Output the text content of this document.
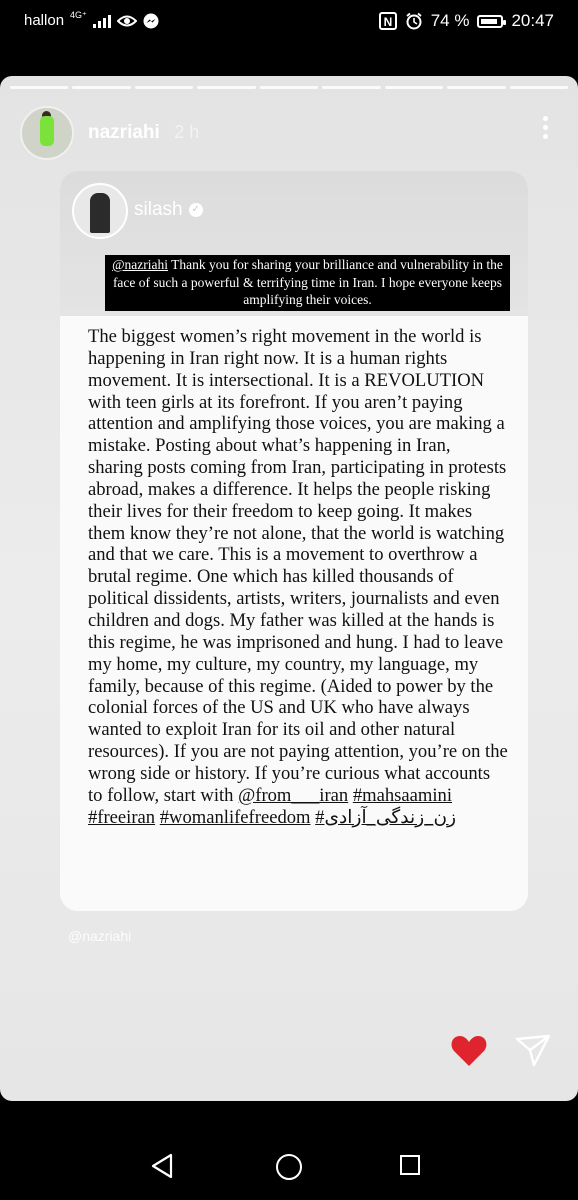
hallon 4G⁺	N 74 % 20:47
nazriahi 2 h
silash ✓
@nazriahi Thank you for sharing your brilliance and vulnerability in the face of such a powerful & terrifying time in Iran. I hope everyone keeps amplifying their voices.
The biggest women’s right movement in the world is happening in Iran right now. It is a human rights movement. It is intersectional. It is a REVOLUTION with teen girls at its forefront. If you aren’t paying attention and amplifying those voices, you are making a mistake. Posting about what’s happening in Iran, sharing posts coming from Iran, participating in protests abroad, makes a difference. It helps the people risking their lives for their freedom to keep going. It makes them know they’re not alone, that the world is watching and that we care. This is a movement to overthrow a brutal regime. One which has killed thousands of political dissidents, artists, writers, journalists and even children and dogs. My father was killed at the hands is this regime, he was imprisoned and hung. I had to leave my home, my culture, my country, my language, my family, because of this regime. (Aided to power by the colonial forces of the US and UK who have always wanted to exploit Iran for its oil and other natural resources). If you are not paying attention, you’re on the wrong side or history. If you’re curious what accounts to follow, start with @from___iran #mahsaamini #freeiran #womanlifefreedom #زن_زندگی_آزادی
@nazriahi
